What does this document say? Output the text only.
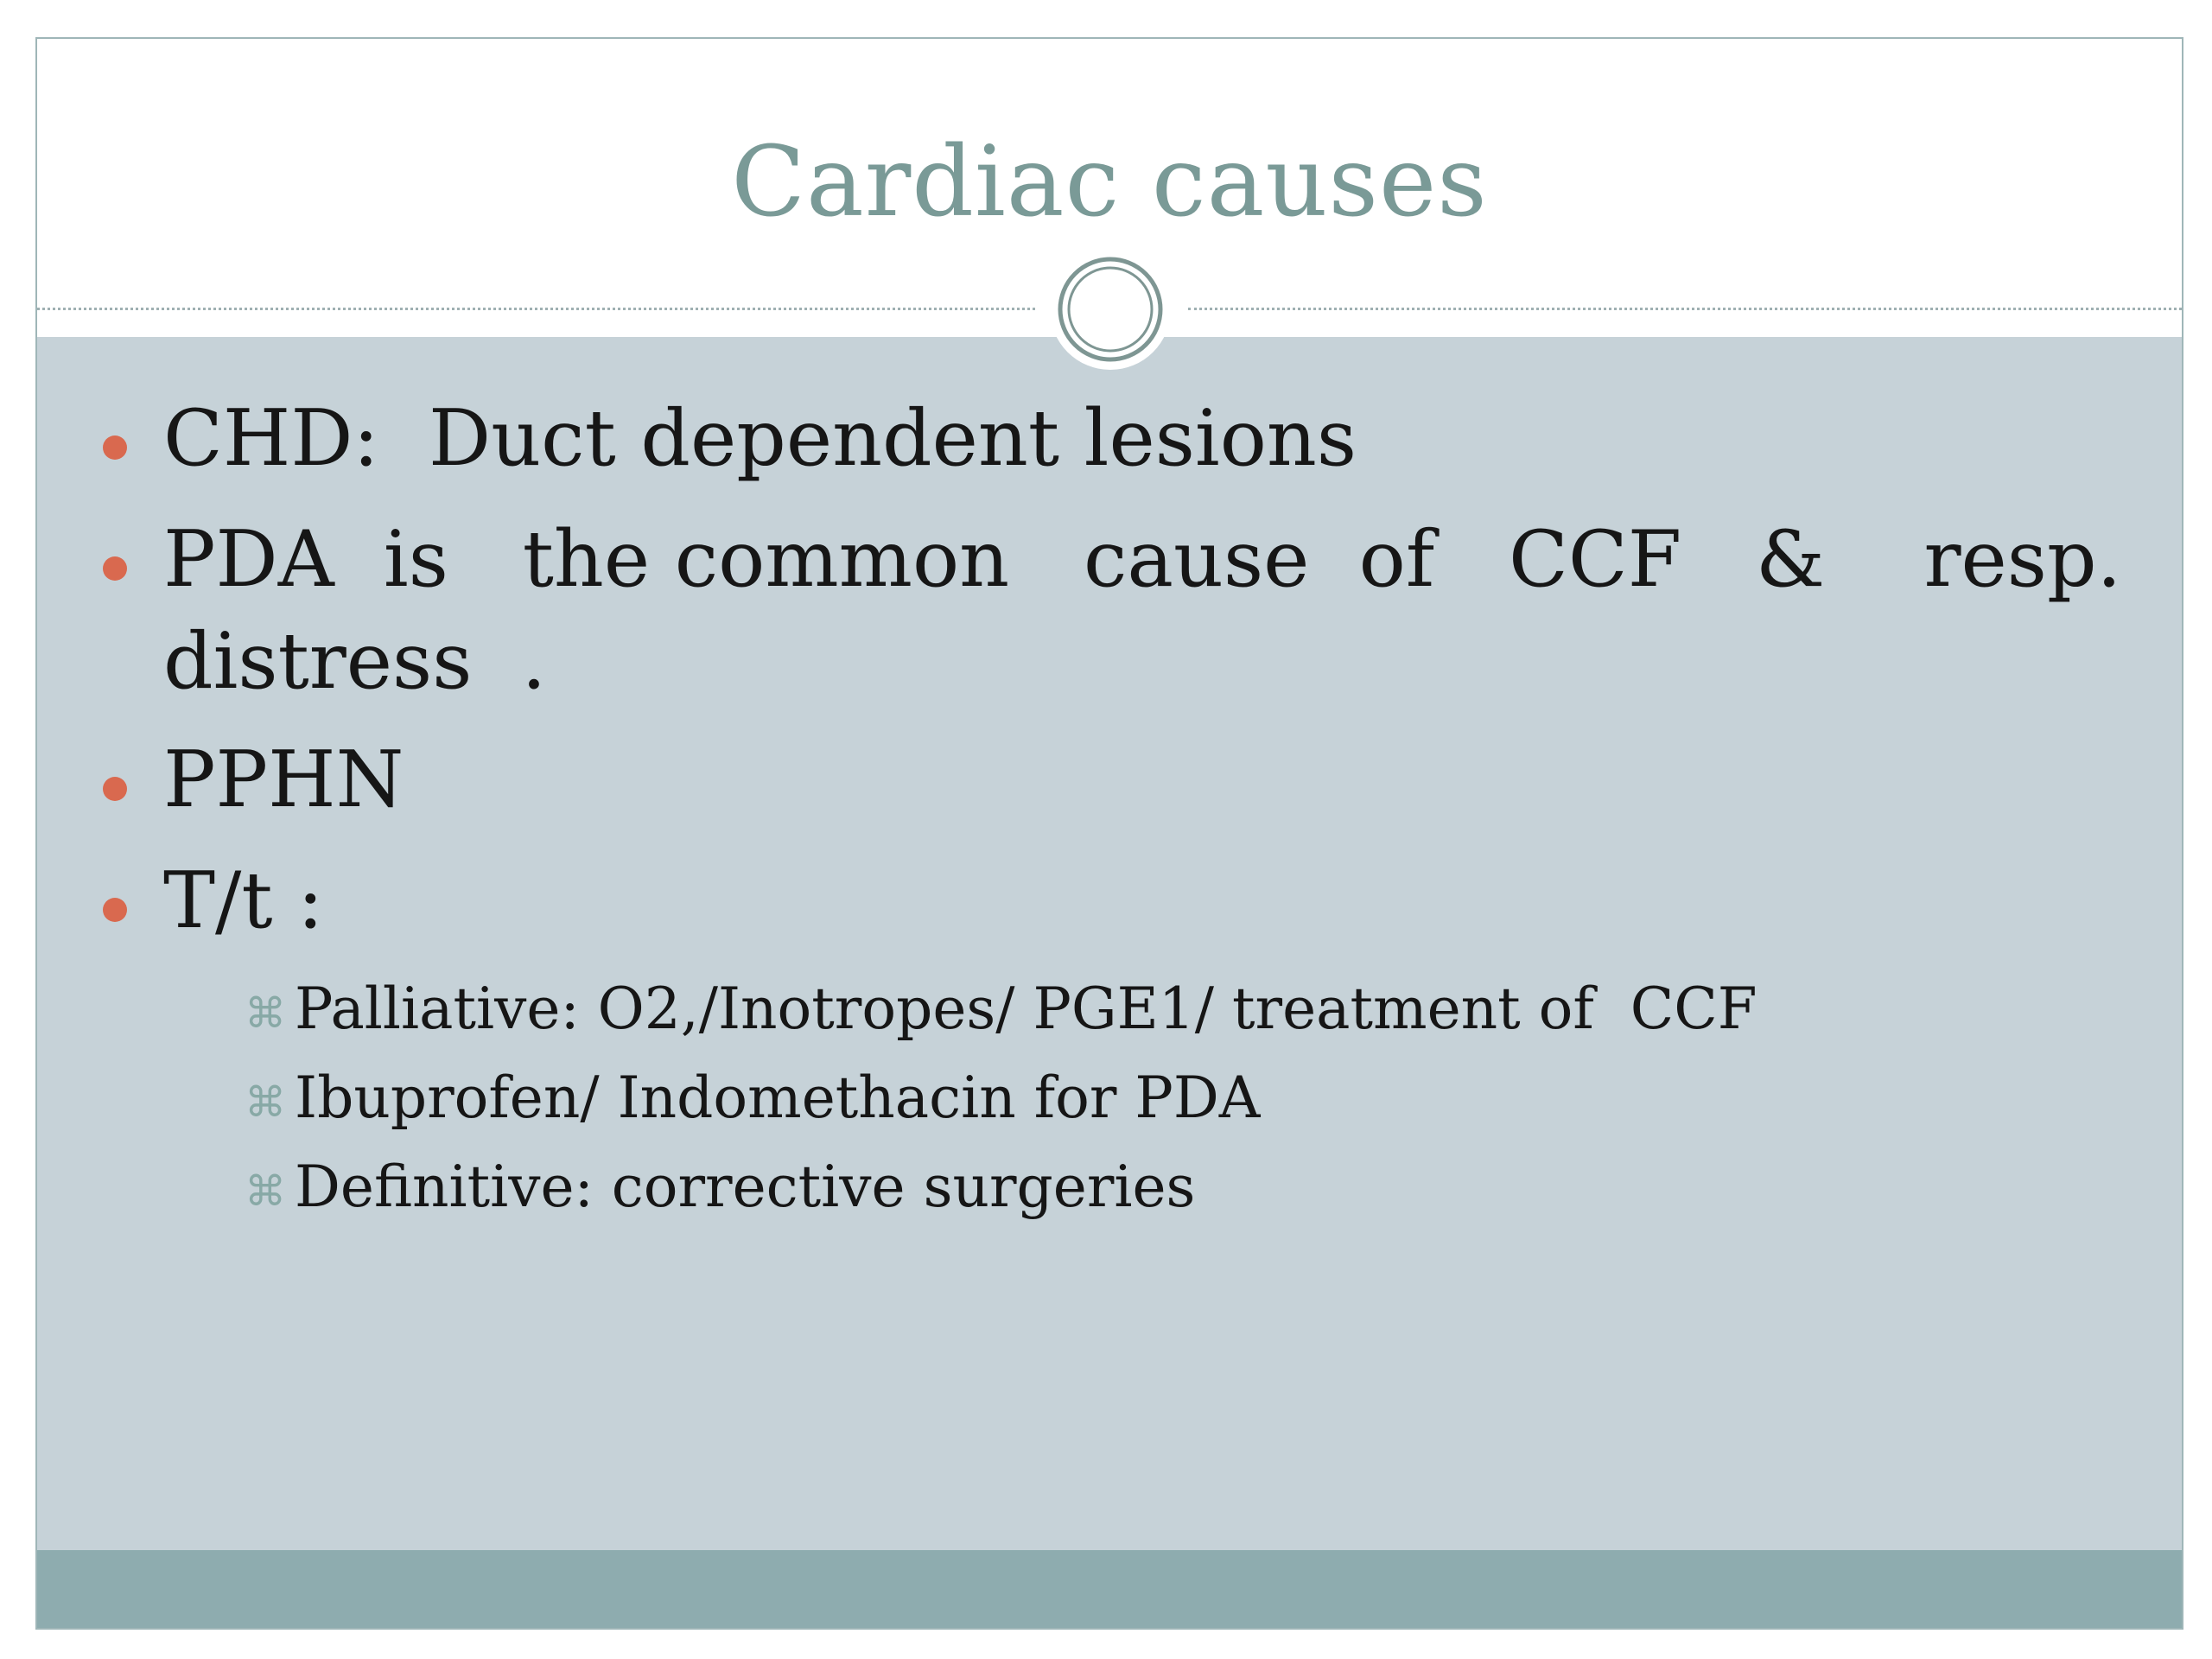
Cardiac causes
CHD:  Duct dependent lesions
PDA  is   the common   cause  of   CCF   &    resp.
distress  .
PPHN
T/t :
⌘ Palliative: O2,/Inotropes/ PGE1/ treatment of  CCF
⌘ Ibuprofen/ Indomethacin for PDA
⌘ Definitive: corrective surgeries
